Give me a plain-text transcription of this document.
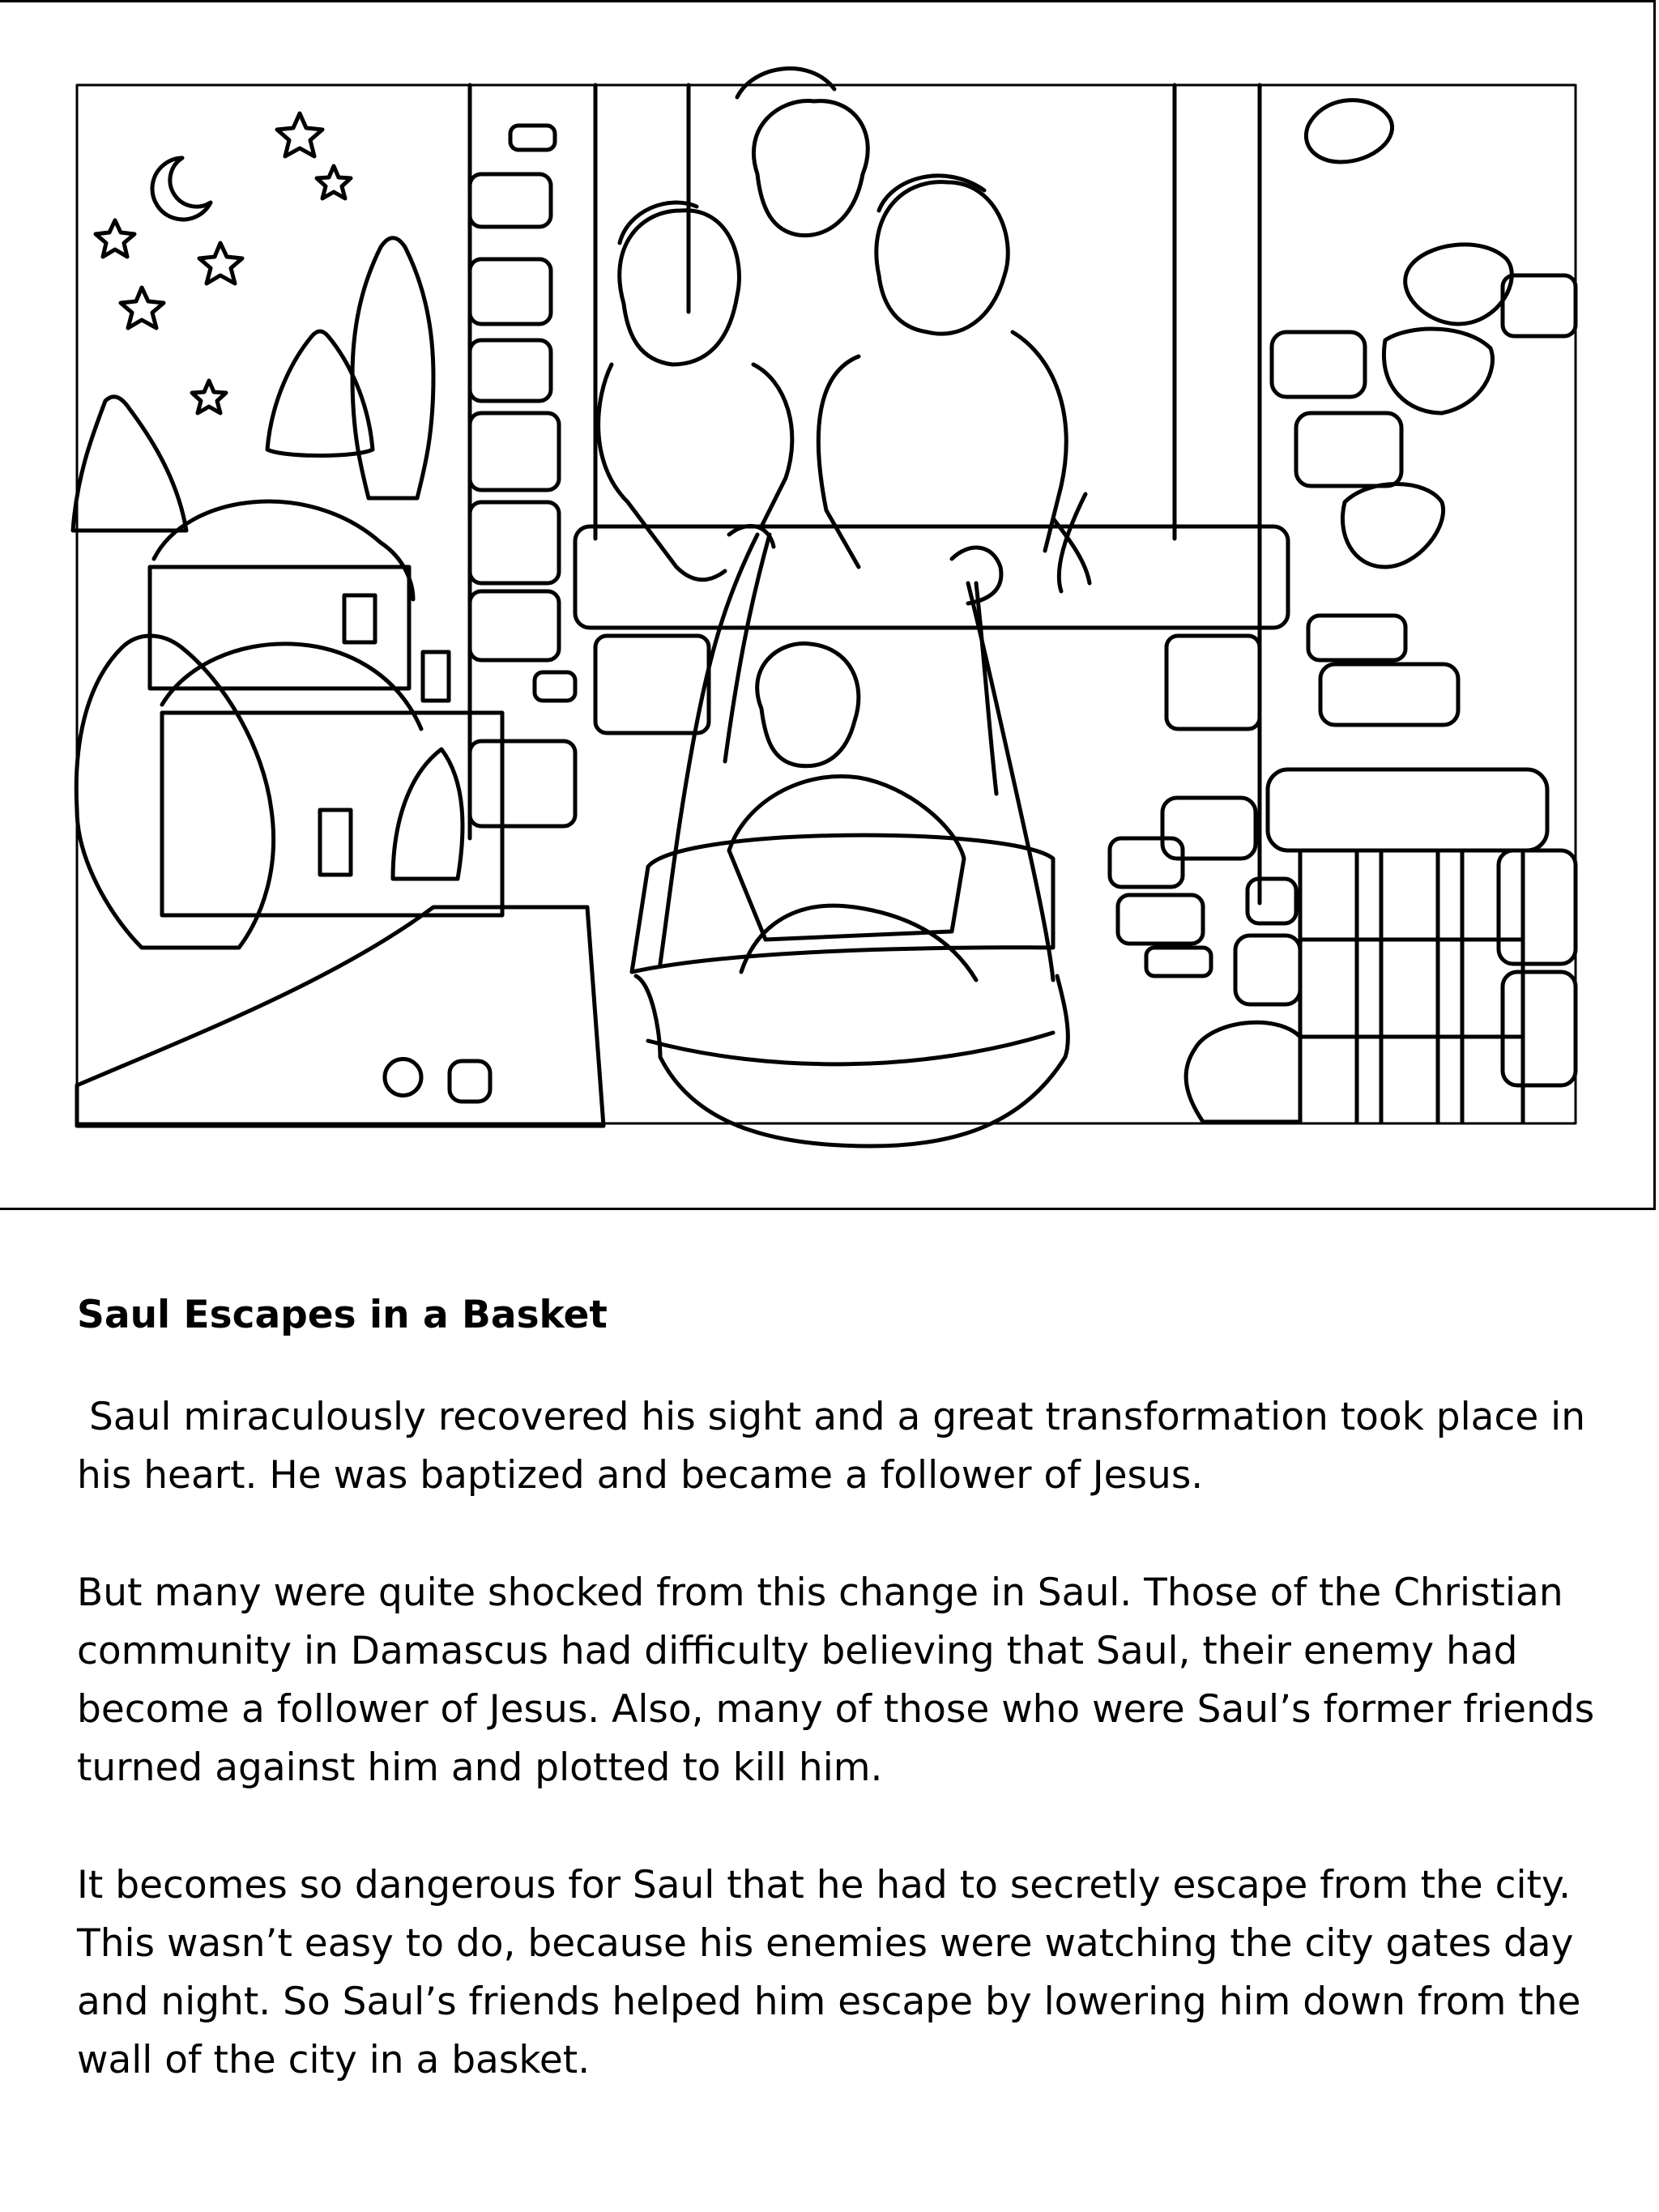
Saul Escapes in a Basket

Saul miraculously recovered his sight and a great transformation took place in his heart. He was baptized and became a follower of Jesus.

But many were quite shocked from this change in Saul. Those of the Christian community in Damascus had difficulty believing that Saul, their enemy had become a follower of Jesus. Also, many of those who were Saul’s former friends turned against him and plotted to kill him.

It becomes so dangerous for Saul that he had to secretly escape from the city. This wasn’t easy to do, because his enemies were watching the city gates day and night. So Saul’s friends helped him escape by lowering him down from the wall of the city in a basket.
